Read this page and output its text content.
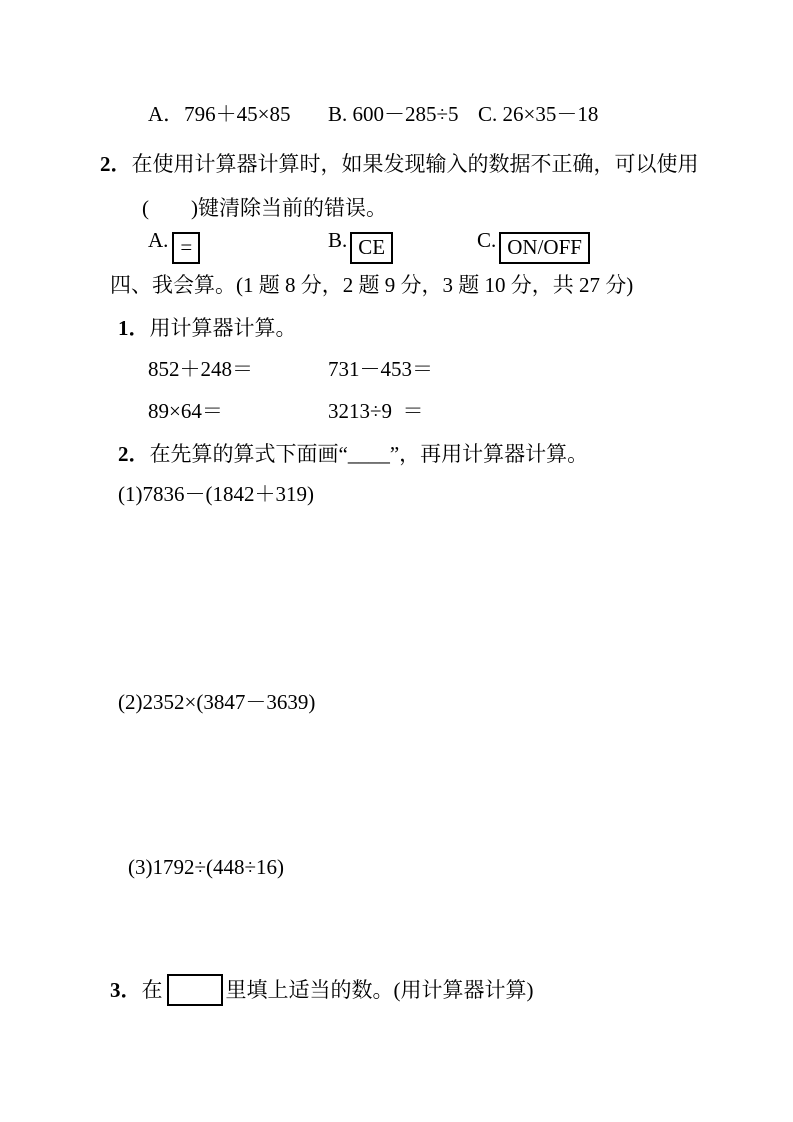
A．796＋45×85 B. 600－285÷5 C. 26×35－18
2．在使用计算器计算时，如果发现输入的数据不正确，可以使用
(        )键清除当前的错误。
A. =	B. CE	C. ON/OFF
四、我会算。(1 题 8 分，2 题 9 分，3 题 10 分，共 27 分)
1．用计算器计算。
852＋248＝	731－453＝
89×64＝	3213÷9  ＝
2．在先算的算式下面画“____”，再用计算器计算。
(1)7836－(1842＋319)
(2)2352×(3847－3639)
(3)1792÷(448÷16)
3．在	里填上适当的数。(用计算器计算)
